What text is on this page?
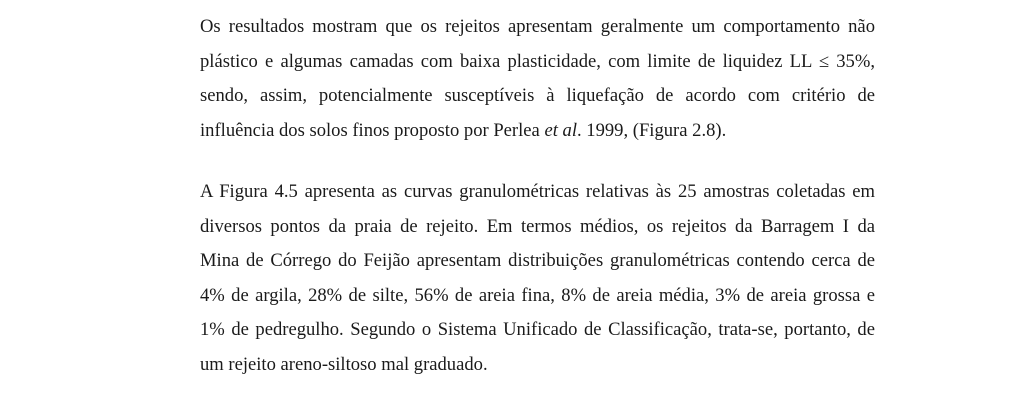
Os resultados mostram que os rejeitos apresentam geralmente um comportamento não
plástico e algumas camadas com baixa plasticidade, com limite de liquidez LL ≤ 35%,
sendo, assim, potencialmente susceptíveis à liquefação de acordo com critério de
influência dos solos finos proposto por Perlea et al. 1999, (Figura 2.8).
A Figura 4.5 apresenta as curvas granulométricas relativas às 25 amostras coletadas em
diversos pontos da praia de rejeito. Em termos médios, os rejeitos da Barragem I da
Mina de Córrego do Feijão apresentam distribuições granulométricas contendo cerca de
4% de argila, 28% de silte, 56% de areia fina, 8% de areia média, 3% de areia grossa e
1% de pedregulho. Segundo o Sistema Unificado de Classificação, trata-se, portanto, de
um rejeito areno-siltoso mal graduado.
